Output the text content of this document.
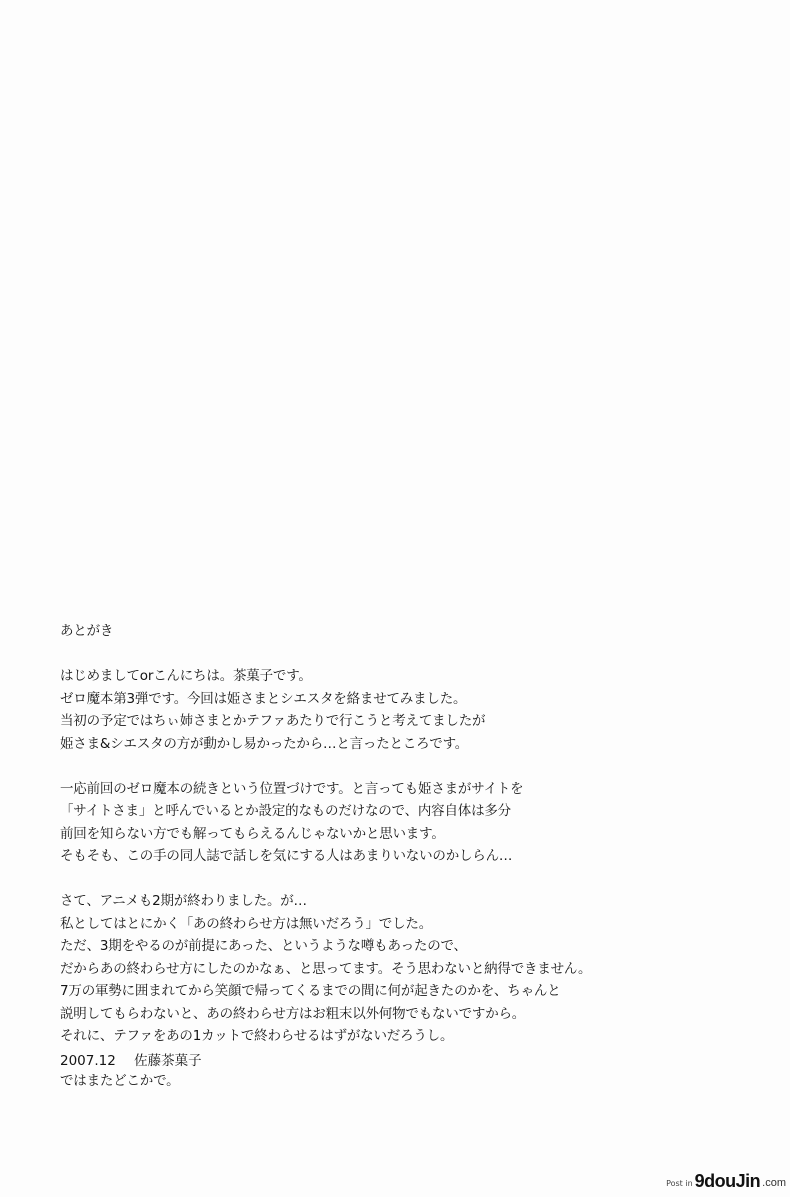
あとがき
はじめましてorこんにちは。茶菓子です。
ゼロ魔本第3弾です。今回は姫さまとシエスタを絡ませてみました。
当初の予定ではちぃ姉さまとかテファあたりで行こうと考えてましたが
姫さま&シエスタの方が動かし易かったから…と言ったところです。
一応前回のゼロ魔本の続きという位置づけです。と言っても姫さまがサイトを
「サイトさま」と呼んでいるとか設定的なものだけなので、内容自体は多分
前回を知らない方でも解ってもらえるんじゃないかと思います。
そもそも、この手の同人誌で話しを気にする人はあまりいないのかしらん…
さて、アニメも2期が終わりました。が…
私としてはとにかく「あの終わらせ方は無いだろう」でした。
ただ、3期をやるのが前提にあった、というような噂もあったので、
だからあの終わらせ方にしたのかなぁ、と思ってます。そう思わないと納得できません。
7万の軍勢に囲まれてから笑顔で帰ってくるまでの間に何が起きたのかを、ちゃんと
説明してもらわないと、あの終わらせ方はお粗末以外何物でもないですから。
それに、テファをあの1カットで終わらせるはずがないだろうし。
ではまたどこかで。
2007.12 佐藤茶菓子
Post in 9douJin .com
